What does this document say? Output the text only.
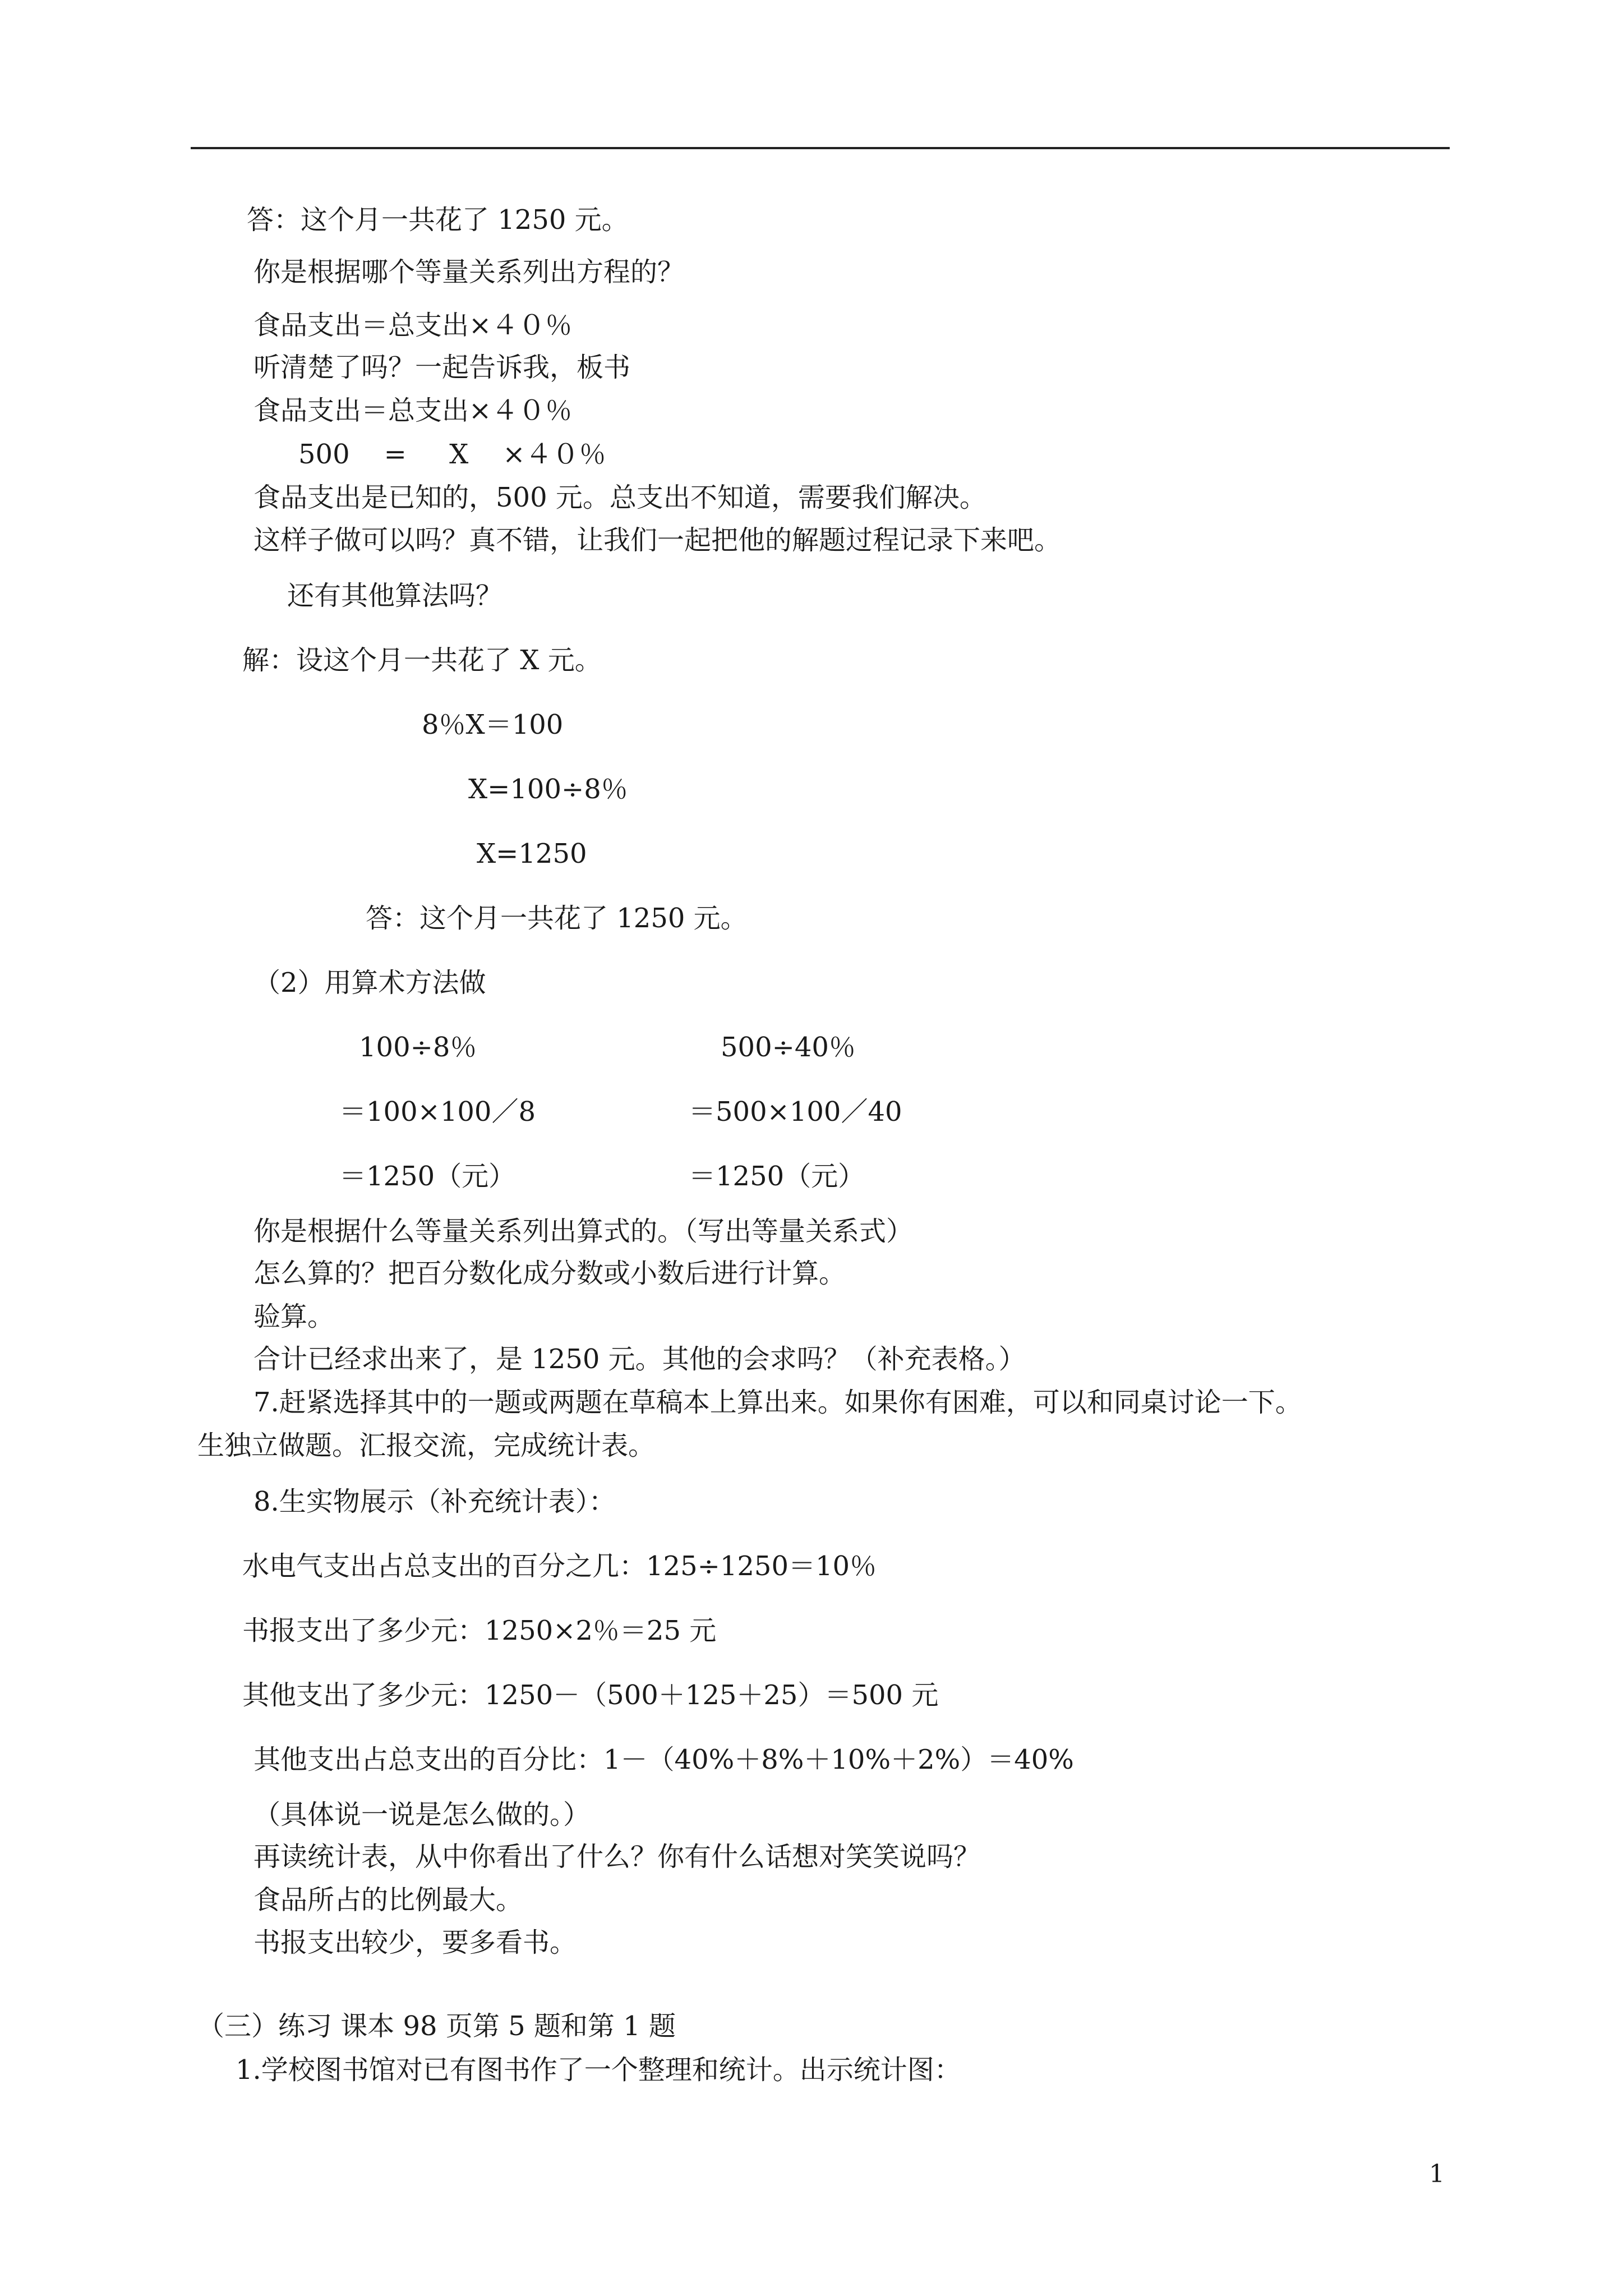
答：这个月一共花了 1250 元。
你是根据哪个等量关系列出方程的？
食品支出＝总支出×４０％
听清楚了吗？一起告诉我，板书
食品支出＝总支出×４０％
500    =     X    ×４０％
食品支出是已知的，500 元。总支出不知道，需要我们解决。
这样子做可以吗？真不错，让我们一起把他的解题过程记录下来吧。
还有其他算法吗？
解：设这个月一共花了 X 元。
8％X＝100
X=100÷8％
X=1250
答：这个月一共花了 1250 元。
（2）用算术方法做
100÷8％	500÷40％
＝100×100／8	＝500×100／40
＝1250（元）	＝1250（元）
你是根据什么等量关系列出算式的。（写出等量关系式）
怎么算的？把百分数化成分数或小数后进行计算。
验算。
合计已经求出来了，是 1250 元。其他的会求吗？（补充表格。）
7.赶紧选择其中的一题或两题在草稿本上算出来。如果你有困难，可以和同桌讨论一下。
生独立做题。汇报交流，完成统计表。
8.生实物展示（补充统计表）：
水电气支出占总支出的百分之几：125÷1250＝10％
书报支出了多少元：1250×2％＝25 元
其他支出了多少元：1250－（500＋125＋25）＝500 元
其他支出占总支出的百分比：1－（40%＋8%＋10%＋2%）＝40%
（具体说一说是怎么做的。）
再读统计表，从中你看出了什么？你有什么话想对笑笑说吗？
食品所占的比例最大。
书报支出较少，要多看书。
（三）练习 课本 98 页第 5 题和第 1 题
1.学校图书馆对已有图书作了一个整理和统计。出示统计图：
1
